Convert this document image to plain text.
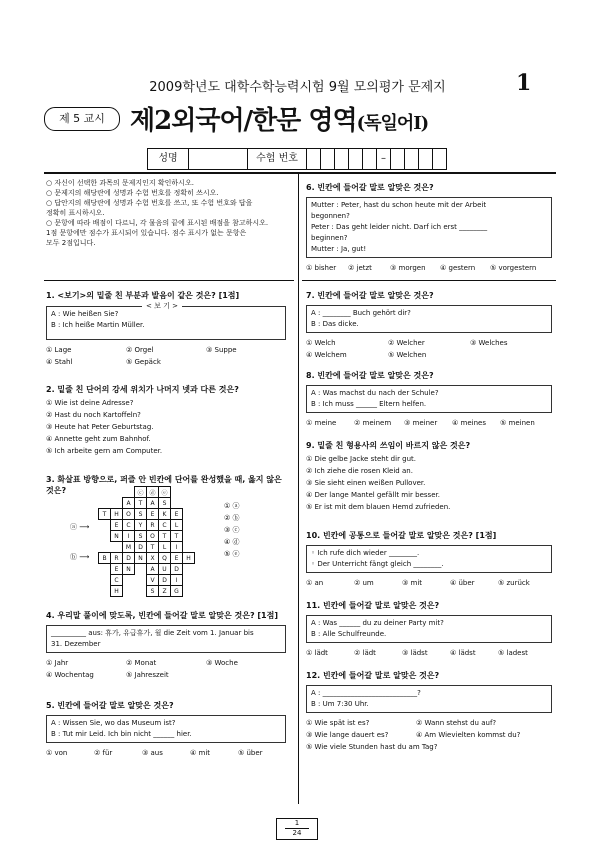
2009학년도 대학수학능력시험 9월 모의평가 문제지	1
제 5 교시 제2외국어/한문 영역(독일어Ⅰ)
성명	수험 번호	–
○ 자신이 선택한 과목의 문제지인지 확인하시오.
○ 문제지의 해당란에 성명과 수험 번호를 정확히 쓰시오.
○ 답안지의 해당란에 성명과 수험 번호를 쓰고, 또 수험 번호와 답을
정확히 표시하시오.
○ 문항에 따라 배점이 다르니, 각 물음의 끝에 표시된 배점을 참고하시오.
1점 문항에만 점수가 표시되어 있습니다. 점수 표시가 없는 문항은
모두 2점입니다.
1. <보기>의 밑줄 친 부분과 발음이 같은 것은? [1점]
< 보 기 >
A : Wie heißen Sie?
B : Ich heiße Martin Müller.
① Lage	② Orgel	③ Suppe
④ Stahl	⑤ Gepäck
2. 밑줄 친 단어의 강세 위치가 나머지 넷과 다른 것은?
① Wie ist deine Adresse?
② Hast du noch Kartoffeln?
③ Heute hat Peter Geburtstag.
④ Annette geht zum Bahnhof.
⑤ Ich arbeite gern am Computer.
3. 화살표 방향으로, 퍼즐 안 빈칸에 단어를 완성했을 때, 옳지 않은 것은?
ⓐ ⟶
ⓑ ⟶
			ⓒ	ⓓ	ⓔ		
		A	T	A	S		
T	H	O	S	E	K	E	
	E	C	Y	R	C	L	
	N	I	S	O	T	T	
		M	D	T	L	I	
B	R	D	N	X	Q	E	H
	E	N		A	U	D	
	C			V	D	I	
	H			S	Z	G	
① ⓐ
② ⓑ
③ ⓒ
④ ⓓ
⑤ ⓔ
4. 우리말 풀이에 맞도록, 빈칸에 들어갈 말로 알맞은 것은? [1점]
__________ aus: 휴가, 유급휴가, 월 die Zeit vom 1. Januar bis
31. Dezember
① Jahr	② Monat	③ Woche
④ Wochentag	⑤ Jahreszeit
5. 빈칸에 들어갈 말로 알맞은 것은?
A : Wissen Sie, wo das Museum ist?
B : Tut mir Leid. Ich bin nicht ______ hier.
① von	② für	③ aus	④ mit	⑤ über
6. 빈칸에 들어갈 말로 알맞은 것은?
Mutter : Peter, hast du schon heute mit der Arbeit
begonnen?
Peter : Das geht leider nicht. Darf ich erst ________
beginnen?
Mutter : Ja, gut!
① bisher	② jetzt	③ morgen	④ gestern	⑤ vorgestern
7. 빈칸에 들어갈 말로 알맞은 것은?
A : ________ Buch gehört dir?
B : Das dicke.
① Welch	② Welcher	③ Welches
④ Welchem	⑤ Welchen
8. 빈칸에 들어갈 말로 알맞은 것은?
A : Was machst du nach der Schule?
B : Ich muss ______ Eltern helfen.
① meine	② meinem	③ meiner	④ meines	⑤ meinen
9. 밑줄 친 형용사의 쓰임이 바르지 않은 것은?
① Die gelbe Jacke steht dir gut.
② Ich ziehe die rosen Kleid an.
③ Sie sieht einen weißen Pullover.
④ Der lange Mantel gefällt mir besser.
⑤ Er ist mit dem blauen Hemd zufrieden.
10. 빈칸에 공통으로 들어갈 말로 알맞은 것은? [1점]
◦ Ich rufe dich wieder ________.
◦ Der Unterricht fängt gleich ________.
① an	② um	③ mit	④ über	⑤ zurück
11. 빈칸에 들어갈 말로 알맞은 것은?
A : Was ______ du zu deiner Party mit?
B : Alle Schulfreunde.
① lädt	② lädt	③ lädst	④ lädst	⑤ ladest
12. 빈칸에 들어갈 말로 알맞은 것은?
A : ___________________________?
B : Um 7:30 Uhr.
① Wie spät ist es?	② Wann stehst du auf?
③ Wie lange dauert es?	④ Am Wievielten kommst du?
⑤ Wie viele Stunden hast du am Tag?
1
24
